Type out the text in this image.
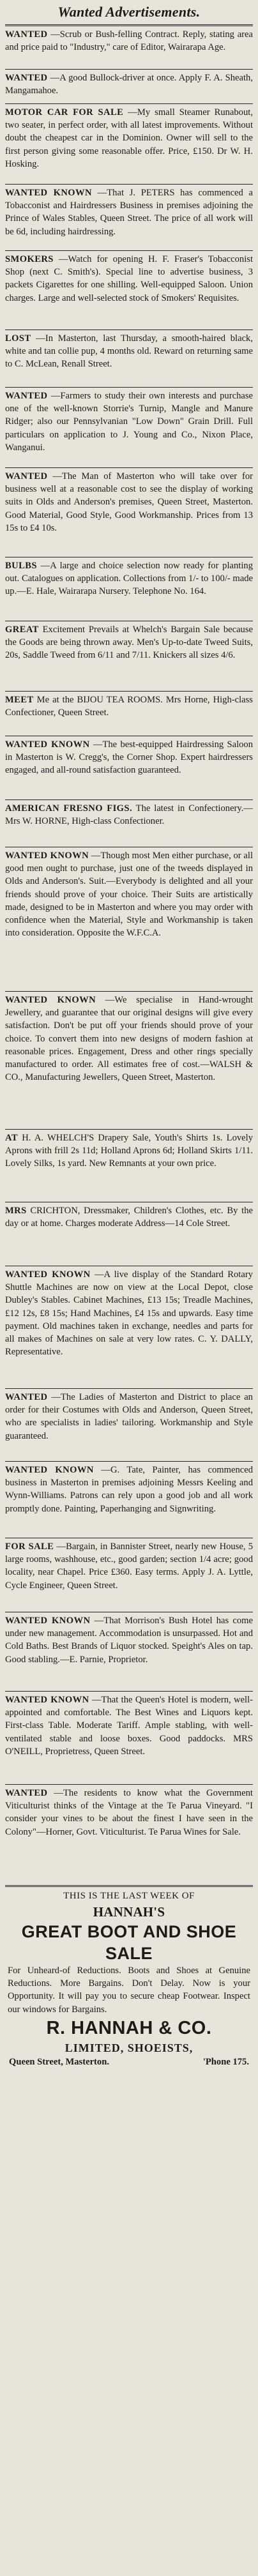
Wanted Advertisements.

WANTED —Scrub or Bush-felling Contract. Reply, stating area and price paid to "Industry," care of Editor, Wairarapa Age.

WANTED —A good Bullock-driver at once. Apply F. A. Sheath, Mangamahoe.

MOTOR CAR FOR SALE —My small Steamer Runabout, two seater, in perfect order, with all latest improvements. Without doubt the cheapest car in the Dominion. Owner will sell to the first person giving some reasonable offer. Price, £150. Dr W. H. Hosking.

WANTED KNOWN —That J. PETERS has commenced a Tobacconist and Hairdressers Business in premises adjoining the Prince of Wales Stables, Queen Street. The price of all work will be 6d, including hairdressing.

SMOKERS —Watch for opening H. F. Fraser's Tobacconist Shop (next C. Smith's). Special line to advertise business, 3 packets Cigarettes for one shilling. Well-equipped Saloon. Union charges. Large and well-selected stock of Smokers' Requisites.

LOST —In Masterton, last Thursday, a smooth-haired black, white and tan collie pup, 4 months old. Reward on returning same to C. McLean, Renall Street.

WANTED —Farmers to study their own interests and purchase one of the well-known Storrie's Turnip, Mangle and Manure Ridger; also our Pennsylvanian "Low Down" Grain Drill. Full particulars on application to J. Young and Co., Nixon Place, Wanganui.

WANTED —The Man of Masterton who will take over for business well at a reasonable cost to see the display of working suits in Olds and Anderson's premises, Queen Street, Masterton. Good Material, Good Style, Good Workmanship. Prices from 13 15s to £4 10s.

BULBS —A large and choice selection now ready for planting out. Catalogues on application. Collections from 1/- to 100/- made up.—E. Hale, Wairarapa Nursery. Telephone No. 164.

GREAT Excitement Prevails at Whelch's Bargain Sale because the Goods are being thrown away. Men's Up-to-date Tweed Suits, 20s, Saddle Tweed from 6/11 and 7/11. Knickers all sizes 4/6.

MEET Me at the BIJOU TEA ROOMS. Mrs Horne, High-class Confectioner, Queen Street.

WANTED KNOWN —The best-equipped Hairdressing Saloon in Masterton is W. Cregg's, the Corner Shop. Expert hairdressers engaged, and all-round satisfaction guaranteed.

AMERICAN FRESNO FIGS. The latest in Confectionery.—Mrs W. HORNE, High-class Confectioner.

WANTED KNOWN —Though most Men either purchase, or all good men ought to purchase, just one of the tweeds displayed in Olds and Anderson's. Suit.—Everybody is delighted and all your friends should prove of your choice. Their Suits are artistically made, designed to be in Masterton and where you may order with confidence when the Material, Style and Workmanship is taken into consideration. Opposite the W.F.C.A.

WANTED KNOWN —We specialise in Hand-wrought Jewellery, and guarantee that our original designs will give every satisfaction. Don't be put off your friends should prove of your choice. To convert them into new designs of modern fashion at reasonable prices. Engagement, Dress and other rings specially manufactured to order. All estimates free of cost.—WALSH & CO., Manufacturing Jewellers, Queen Street, Masterton.

AT H. A. WHELCH'S Drapery Sale, Youth's Shirts 1s. Lovely Aprons with frill 2s 11d; Holland Aprons 6d; Holland Skirts 1/11. Lovely Silks, 1s yard. New Remnants at your own price.

MRS CRICHTON, Dressmaker, Children's Clothes, etc. By the day or at home. Charges moderate Address—14 Cole Street.

WANTED KNOWN —A live display of the Standard Rotary Shuttle Machines are now on view at the Local Depot, close Dubley's Stables. Cabinet Machines, £13 15s; Treadle Machines, £12 12s, £8 15s; Hand Machines, £4 15s and upwards. Easy time payment. Old machines taken in exchange, needles and parts for all makes of Machines on sale at very low rates. C. Y. DALLY, Representative.

WANTED —The Ladies of Masterton and District to place an order for their Costumes with Olds and Anderson, Queen Street, who are specialists in ladies' tailoring. Workmanship and Style guaranteed.

WANTED KNOWN —G. Tate, Painter, has commenced business in Masterton in premises adjoining Messrs Keeling and Wynn-Williams. Patrons can rely upon a good job and all work promptly done. Painting, Paperhanging and Signwriting.

FOR SALE —Bargain, in Bannister Street, nearly new House, 5 large rooms, washhouse, etc., good garden; section 1/4 acre; good locality, near Chapel. Price £360. Easy terms. Apply J. A. Lyttle, Cycle Engineer, Queen Street.

WANTED KNOWN —That Morrison's Bush Hotel has come under new management. Accommodation is unsurpassed. Hot and Cold Baths. Best Brands of Liquor stocked. Speight's Ales on tap. Good stabling.—E. Parnie, Proprietor.

WANTED KNOWN —That the Queen's Hotel is modern, well-appointed and comfortable. The Best Wines and Liquors kept. First-class Table. Moderate Tariff. Ample stabling, with well-ventilated stable and loose boxes. Good paddocks. MRS O'NEILL, Proprietress, Queen Street.

WANTED —The residents to know what the Government Viticulturist thinks of the Vintage at the Te Parua Vineyard. "I consider your vines to be about the finest I have seen in the Colony"—Horner, Govt. Viticulturist. Te Parua Wines for Sale.

THIS IS THE LAST WEEK OF
HANNAH'S
GREAT BOOT AND SHOE SALE
For Unheard-of Reductions. Boots and Shoes at Genuine Reductions. More Bargains. Don't Delay. Now is your Opportunity. It will pay you to secure cheap Footwear. Inspect our windows for Bargains.
R. HANNAH & CO.
LIMITED, SHOEISTS,
Queen Street, Masterton.	'Phone 175.
